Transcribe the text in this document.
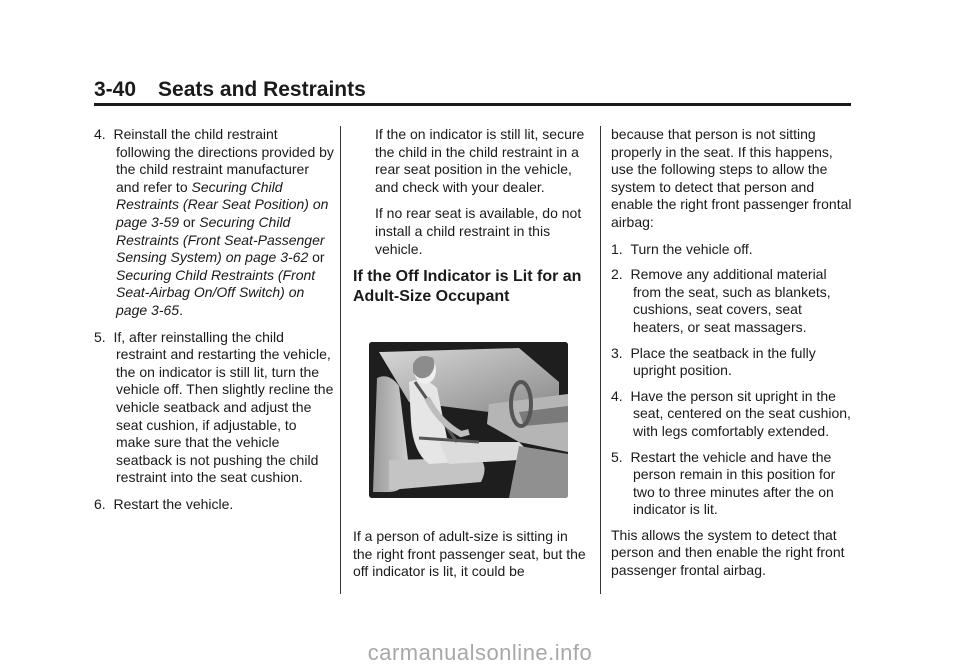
3-40 Seats and Restraints
4. Reinstall the child restraint following the directions provided by the child restraint manufacturer and refer to Securing Child Restraints (Rear Seat Position) on page 3-59 or Securing Child Restraints (Front Seat-Passenger Sensing System) on page 3-62 or Securing Child Restraints (Front Seat-Airbag On/Off Switch) on page 3-65.
5. If, after reinstalling the child restraint and restarting the vehicle, the on indicator is still lit, turn the vehicle off. Then slightly recline the vehicle seatback and adjust the seat cushion, if adjustable, to make sure that the vehicle seatback is not pushing the child restraint into the seat cushion.
6. Restart the vehicle.

If the on indicator is still lit, secure the child in the child restraint in a rear seat position in the vehicle, and check with your dealer.

If no rear seat is available, do not install a child restraint in this vehicle.

If the Off Indicator is Lit for an Adult-Size Occupant
If a person of adult-size is sitting in the right front passenger seat, but the off indicator is lit, it could be

because that person is not sitting properly in the seat. If this happens, use the following steps to allow the system to detect that person and enable the right front passenger frontal airbag:

1. Turn the vehicle off.
2. Remove any additional material from the seat, such as blankets, cushions, seat covers, seat heaters, or seat massagers.
3. Place the seatback in the fully upright position.
4. Have the person sit upright in the seat, centered on the seat cushion, with legs comfortably extended.
5. Restart the vehicle and have the person remain in this position for two to three minutes after the on indicator is lit.

This allows the system to detect that person and then enable the right front passenger frontal airbag.

carmanualsonline.info
